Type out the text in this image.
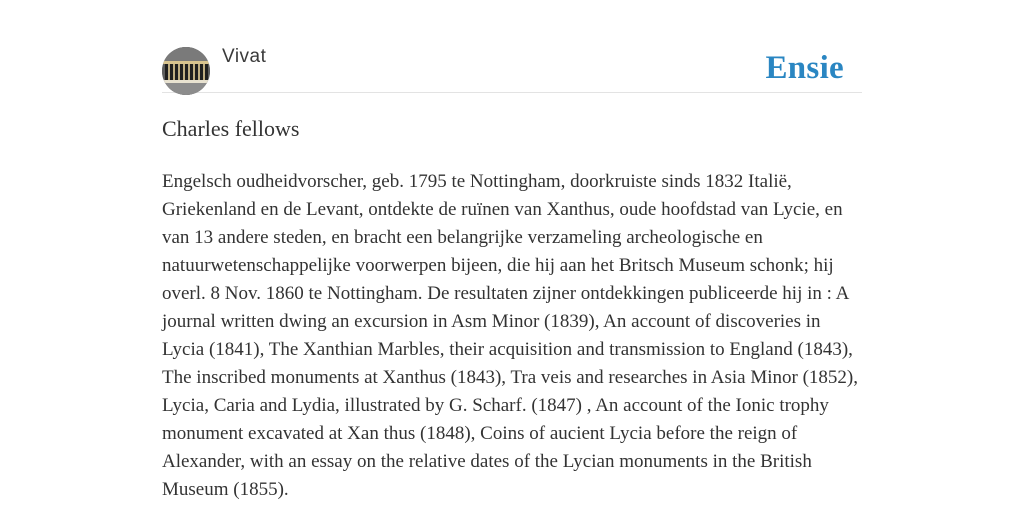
Vivat	Ensie
Charles fellows

Engelsch oudheidvorscher, geb. 1795 te Nottingham, doorkruiste sinds 1832 Italië, Griekenland en de Levant, ontdekte de ruïnen van Xanthus, oude hoofdstad van Lycie, en van 13 andere steden, en bracht een belangrijke verzameling archeologische en natuurwetenschappelijke voorwerpen bijeen, die hij aan het Britsch Museum schonk; hij overl. 8 Nov. 1860 te Nottingham. De resultaten zijner ontdekkingen publiceerde hij in : A journal written dwing an excursion in Asm Minor (1839), An account of discoveries in Lycia (1841), The Xanthian Marbles, their acquisition and transmission to England (1843), The inscribed monuments at Xanthus (1843), Tra veis and researches in Asia Minor (1852), Lycia, Caria and Lydia, illustrated by G. Scharf. (1847) , An account of the Ionic trophy monument excavated at Xan thus (1848), Coins of aucient Lycia before the reign of Alexander, with an essay on the relative dates of the Lycian monuments in the British Museum (1855).
